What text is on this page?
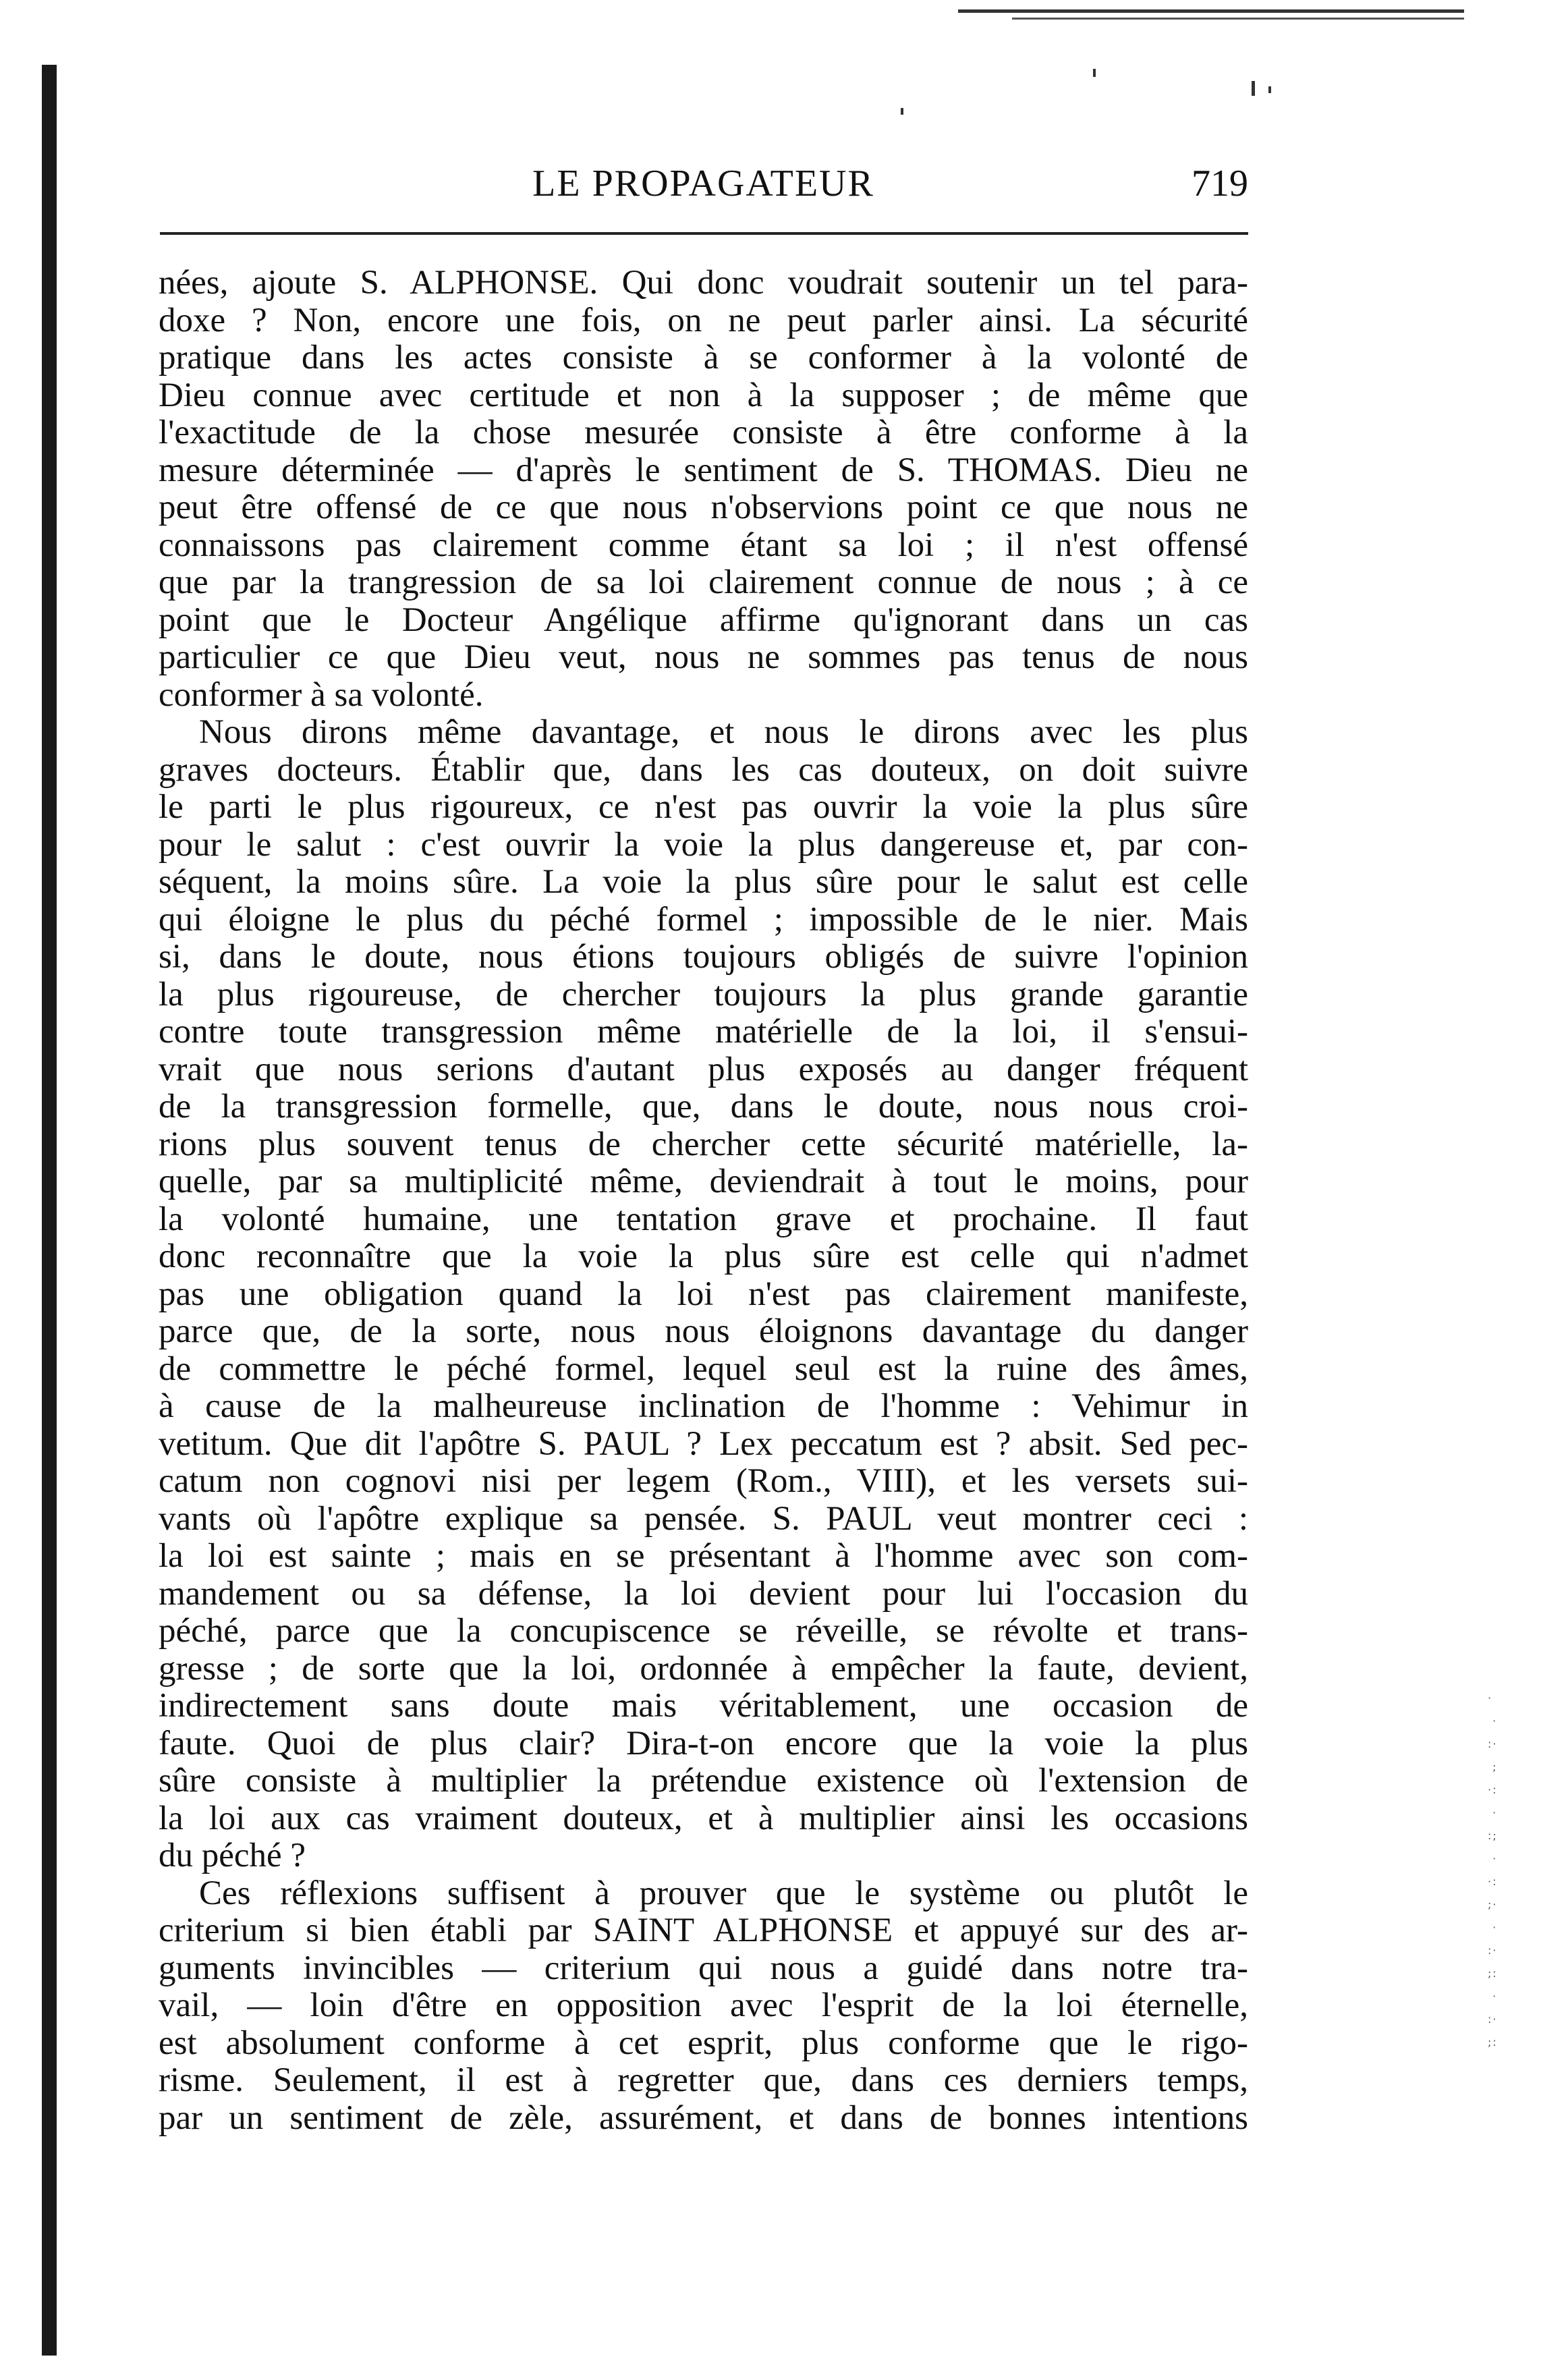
·
·
:·
;
·:
·
:;
·
·:
;·
·
:·
;:
·
:·
;:
LE PROPAGATEUR	719

nées, ajoute S. ALPHONSE. Qui donc voudrait soutenir un tel para-
doxe ? Non, encore une fois, on ne peut parler ainsi. La sécurité
pratique dans les actes consiste à se conformer à la volonté de
Dieu connue avec certitude et non à la supposer ; de même que
l'exactitude de la chose mesurée consiste à être conforme à la
mesure déterminée — d'après le sentiment de S. THOMAS. Dieu ne
peut être offensé de ce que nous n'observions point ce que nous ne
connaissons pas clairement comme étant sa loi ; il n'est offensé
que par la trangression de sa loi clairement connue de nous ; à ce
point que le Docteur Angélique affirme qu'ignorant dans un cas
particulier ce que Dieu veut, nous ne sommes pas tenus de nous
conformer à sa volonté.

Nous dirons même davantage, et nous le dirons avec les plus
graves docteurs. Établir que, dans les cas douteux, on doit suivre
le parti le plus rigoureux, ce n'est pas ouvrir la voie la plus sûre
pour le salut : c'est ouvrir la voie la plus dangereuse et, par con-
séquent, la moins sûre. La voie la plus sûre pour le salut est celle
qui éloigne le plus du péché formel ; impossible de le nier. Mais
si, dans le doute, nous étions toujours obligés de suivre l'opinion
la plus rigoureuse, de chercher toujours la plus grande garantie
contre toute transgression même matérielle de la loi, il s'ensui-
vrait que nous serions d'autant plus exposés au danger fréquent
de la transgression formelle, que, dans le doute, nous nous croi-
rions plus souvent tenus de chercher cette sécurité matérielle, la-
quelle, par sa multiplicité même, deviendrait à tout le moins, pour
la volonté humaine, une tentation grave et prochaine. Il faut
donc reconnaître que la voie la plus sûre est celle qui n'admet
pas une obligation quand la loi n'est pas clairement manifeste,
parce que, de la sorte, nous nous éloignons davantage du danger
de commettre le péché formel, lequel seul est la ruine des âmes,
à cause de la malheureuse inclination de l'homme : Vehimur in
vetitum. Que dit l'apôtre S. PAUL ? Lex peccatum est ? absit. Sed pec-
catum non cognovi nisi per legem (Rom., VIII), et les versets sui-
vants où l'apôtre explique sa pensée. S. PAUL veut montrer ceci :
la loi est sainte ; mais en se présentant à l'homme avec son com-
mandement ou sa défense, la loi devient pour lui l'occasion du
péché, parce que la concupiscence se réveille, se révolte et trans-
gresse ; de sorte que la loi, ordonnée à empêcher la faute, devient,
indirectement sans doute mais véritablement, une occasion de
faute. Quoi de plus clair? Dira-t-on encore que la voie la plus
sûre consiste à multiplier la prétendue existence où l'extension de
la loi aux cas vraiment douteux, et à multiplier ainsi les occasions
du péché ?

Ces réflexions suffisent à prouver que le système ou plutôt le
criterium si bien établi par SAINT ALPHONSE et appuyé sur des ar-
guments invincibles — criterium qui nous a guidé dans notre tra-
vail, — loin d'être en opposition avec l'esprit de la loi éternelle,
est absolument conforme à cet esprit, plus conforme que le rigo-
risme. Seulement, il est à regretter que, dans ces derniers temps,
par un sentiment de zèle, assurément, et dans de bonnes intentions
